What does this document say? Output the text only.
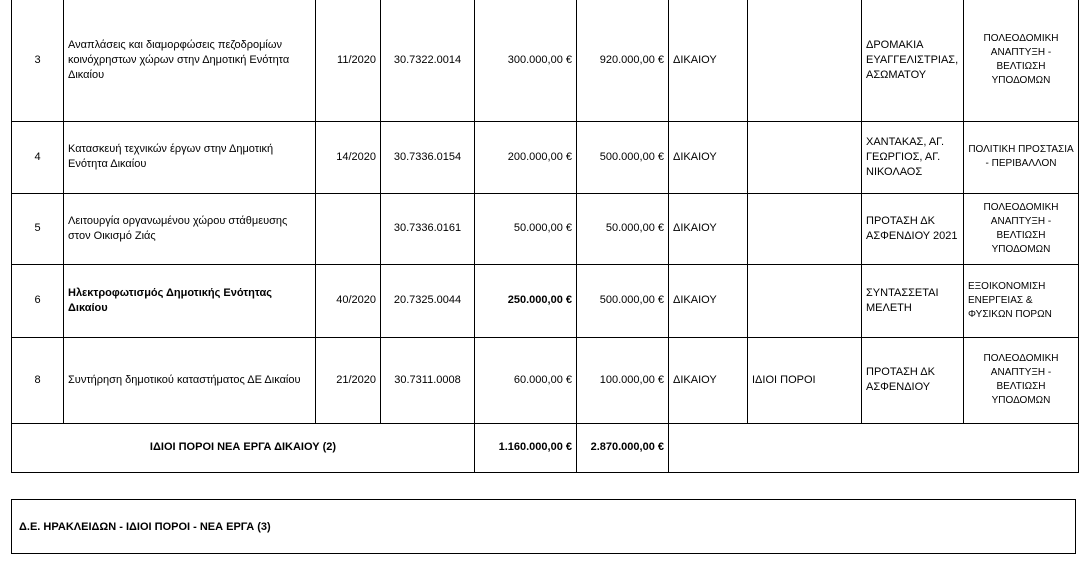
3	Αναπλάσεις και διαμορφώσεις πεζοδρομίων κοινόχρηστων χώρων στην Δημοτική Ενότητα Δικαίου	11/2020	30.7322.0014	300.000,00 €	920.000,00 €	ΔΙΚΑΙΟΥ		ΔΡΟΜΑΚΙΑ ΕΥΑΓΓΕΛΙΣΤΡΙΑΣ, ΑΣΩΜΑΤΟΥ	ΠΟΛΕΟΔΟΜΙΚΗ ΑΝΑΠΤΥΞΗ - ΒΕΛΤΙΩΣΗ ΥΠΟΔΟΜΩΝ
4	Κατασκευή τεχνικών έργων στην Δημοτική Ενότητα Δικαίου	14/2020	30.7336.0154	200.000,00 €	500.000,00 €	ΔΙΚΑΙΟΥ		ΧΑΝΤΑΚΑΣ, ΑΓ. ΓΕΩΡΓΙΟΣ, ΑΓ. ΝΙΚΟΛΑΟΣ	ΠΟΛΙΤΙΚΗ ΠΡΟΣΤΑΣΙΑ - ΠΕΡΙΒΑΛΛΟΝ
5	Λειτουργία οργανωμένου χώρου στάθμευσης στον Οικισμό Ζιάς		30.7336.0161	50.000,00 €	50.000,00 €	ΔΙΚΑΙΟΥ		ΠΡΟΤΑΣΗ ΔΚ ΑΣΦΕΝΔΙΟΥ 2021	ΠΟΛΕΟΔΟΜΙΚΗ ΑΝΑΠΤΥΞΗ - ΒΕΛΤΙΩΣΗ ΥΠΟΔΟΜΩΝ
6	Ηλεκτροφωτισμός Δημοτικής Ενότητας Δικαίου	40/2020	20.7325.0044	250.000,00 €	500.000,00 €	ΔΙΚΑΙΟΥ		ΣΥΝΤΑΣΣΕΤΑΙ ΜΕΛΕΤΗ	ΕΞΟΙΚΟΝΟΜΙΣΗ ΕΝΕΡΓΕΙΑΣ & ΦΥΣΙΚΩΝ ΠΟΡΩΝ
8	Συντήρηση δημοτικού καταστήματος ΔΕ Δικαίου	21/2020	30.7311.0008	60.000,00 €	100.000,00 €	ΔΙΚΑΙΟΥ	ΙΔΙΟΙ ΠΟΡΟΙ	ΠΡΟΤΑΣΗ ΔΚ ΑΣΦΕΝΔΙΟΥ	ΠΟΛΕΟΔΟΜΙΚΗ ΑΝΑΠΤΥΞΗ - ΒΕΛΤΙΩΣΗ ΥΠΟΔΟΜΩΝ
ΙΔΙΟΙ ΠΟΡΟΙ ΝΕΑ ΕΡΓΑ ΔΙΚΑΙΟΥ (2)				1.160.000,00 €	2.870.000,00 €				
Δ.Ε. ΗΡΑΚΛΕΙΔΩΝ - ΙΔΙΟΙ ΠΟΡΟΙ - ΝΕΑ ΕΡΓΑ (3)
